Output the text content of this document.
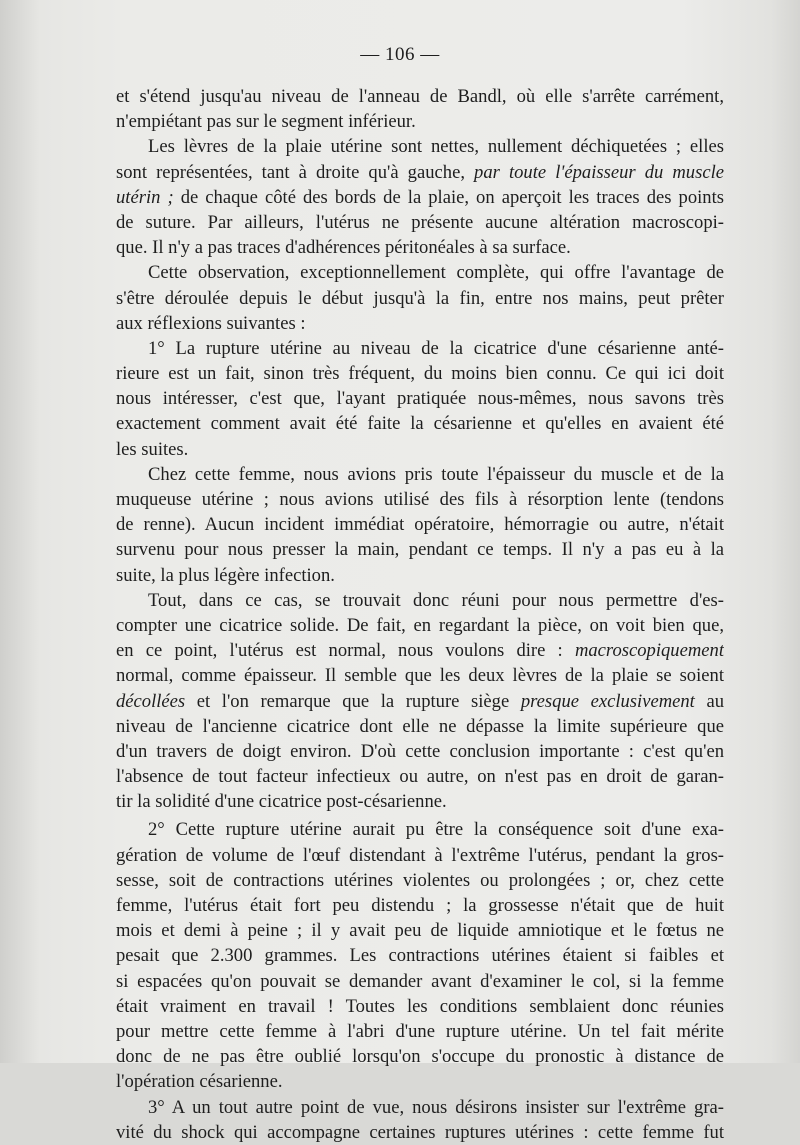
— 106 —
et s'étend jusqu'au niveau de l'anneau de Bandl, où elle s'arrête carrément,
n'empiétant pas sur le segment inférieur.
Les lèvres de la plaie utérine sont nettes, nullement déchiquetées ; elles
sont représentées, tant à droite qu'à gauche, par toute l'épaisseur du muscle
utérin ; de chaque côté des bords de la plaie, on aperçoit les traces des points
de suture. Par ailleurs, l'utérus ne présente aucune altération macroscopi-
que. Il n'y a pas traces d'adhérences péritonéales à sa surface.
Cette observation, exceptionnellement complète, qui offre l'avantage de
s'être déroulée depuis le début jusqu'à la fin, entre nos mains, peut prêter
aux réflexions suivantes :
1° La rupture utérine au niveau de la cicatrice d'une césarienne anté-
rieure est un fait, sinon très fréquent, du moins bien connu. Ce qui ici doit
nous intéresser, c'est que, l'ayant pratiquée nous-mêmes, nous savons très
exactement comment avait été faite la césarienne et qu'elles en avaient été
les suites.
Chez cette femme, nous avions pris toute l'épaisseur du muscle et de la
muqueuse utérine ; nous avions utilisé des fils à résorption lente (tendons
de renne). Aucun incident immédiat opératoire, hémorragie ou autre, n'était
survenu pour nous presser la main, pendant ce temps. Il n'y a pas eu à la
suite, la plus légère infection.
Tout, dans ce cas, se trouvait donc réuni pour nous permettre d'es-
compter une cicatrice solide. De fait, en regardant la pièce, on voit bien que,
en ce point, l'utérus est normal, nous voulons dire : macroscopiquement
normal, comme épaisseur. Il semble que les deux lèvres de la plaie se soient
décollées et l'on remarque que la rupture siège presque exclusivement au
niveau de l'ancienne cicatrice dont elle ne dépasse la limite supérieure que
d'un travers de doigt environ. D'où cette conclusion importante : c'est qu'en
l'absence de tout facteur infectieux ou autre, on n'est pas en droit de garan-
tir la solidité d'une cicatrice post-césarienne.
2° Cette rupture utérine aurait pu être la conséquence soit d'une exa-
gération de volume de l'œuf distendant à l'extrême l'utérus, pendant la gros-
sesse, soit de contractions utérines violentes ou prolongées ; or, chez cette
femme, l'utérus était fort peu distendu ; la grossesse n'était que de huit
mois et demi à peine ; il y avait peu de liquide amniotique et le fœtus ne
pesait que 2.300 grammes. Les contractions utérines étaient si faibles et
si espacées qu'on pouvait se demander avant d'examiner le col, si la femme
était vraiment en travail ! Toutes les conditions semblaient donc réunies
pour mettre cette femme à l'abri d'une rupture utérine. Un tel fait mérite
donc de ne pas être oublié lorsqu'on s'occupe du pronostic à distance de
l'opération césarienne.
3° A un tout autre point de vue, nous désirons insister sur l'extrême gra-
vité du shock qui accompagne certaines ruptures utérines : cette femme fut
